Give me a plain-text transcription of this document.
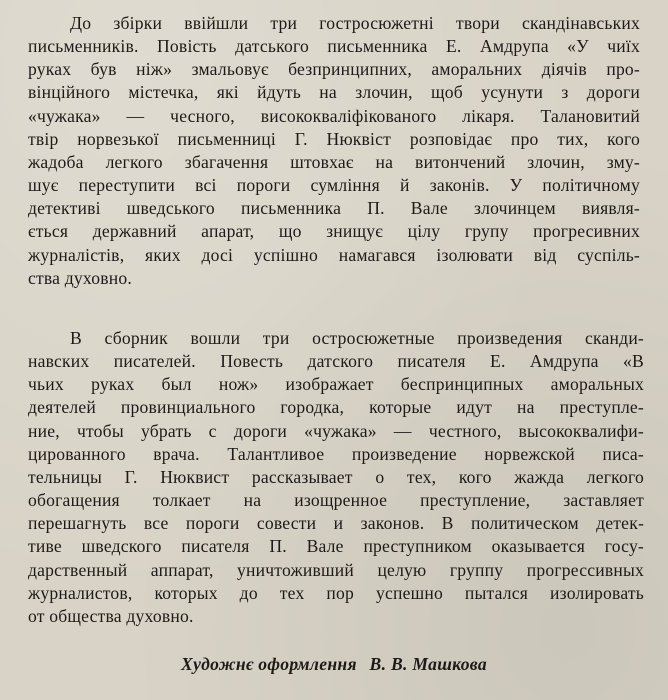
До збірки ввійшли три гостросюжетні твори скандінавських
письменників. Повість датського письменника Е. Амдрупа «У чиїх
руках був ніж» змальовує безпринципних, аморальних діячів про-
вінційного містечка, які йдуть на злочин, щоб усунути з дороги
«чужака» — чесного, висококваліфікованого лікаря. Талановитий
твір норвезької письменниці Г. Нюквіст розповідає про тих, кого
жадоба легкого збагачення штовхає на витончений злочин, зму-
шує переступити всі пороги сумління й законів. У політичному
детективі шведського письменника П. Вале злочинцем виявля-
ється державний апарат, що знищує цілу групу прогресивних
журналістів, яких досі успішно намагався ізолювати від суспіль-
ства духовно.
В сборник вошли три остросюжетные произведения сканди-
навских писателей. Повесть датского писателя Е. Амдрупа «В
чьих руках был нож» изображает беспринципных аморальных
деятелей провинциального городка, которые идут на преступле-
ние, чтобы убрать с дороги «чужака» — честного, высококвалифи-
цированного врача. Талантливое произведение норвежской писа-
тельницы Г. Нюквист рассказывает о тех, кого жажда легкого
обогащения толкает на изощренное преступление, заставляет
перешагнуть все пороги совести и законов. В политическом детек-
тиве шведского писателя П. Вале преступником оказывается госу-
дарственный аппарат, уничтоживший целую группу прогрессивных
журналистов, которых до тех пор успешно пытался изолировать
от общества духовно.
Художнє оформлення В. В. Машкова
